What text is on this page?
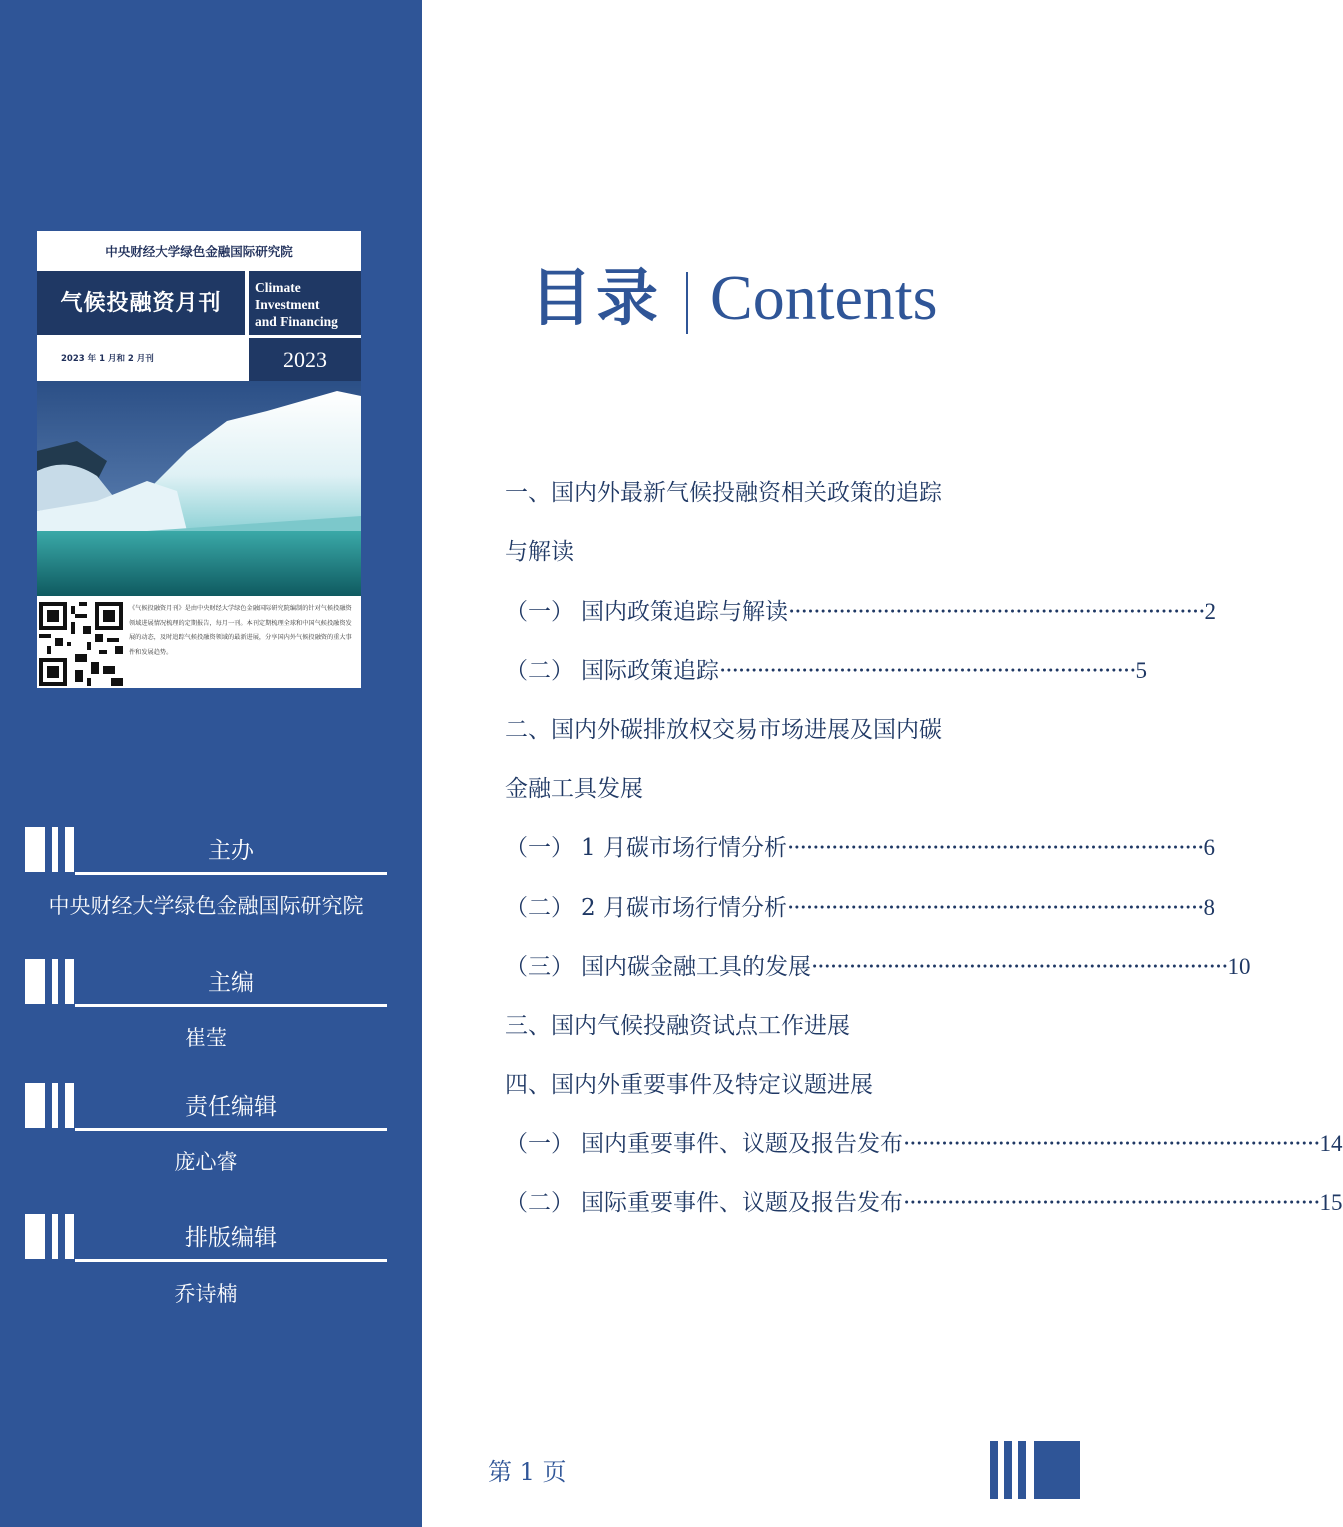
中央财经大学绿色金融国际研究院
气候投融资月刊
Climate
Investment
and Financing
2023 年 1 月和 2 月刊	2023
《气候投融资月刊》是由中央财经大学绿色金融国际研究院编制的针对气候投融资领域进展情况梳理的定期报告，每月一刊。本刊定期梳理全球和中国气候投融资发展的动态，及时追踪气候投融资领域的最新进展，分享国内外气候投融资的重大事件和发展趋势。
主办
中央财经大学绿色金融国际研究院
主编
崔莹
责任编辑
庞心睿
排版编辑
乔诗楠
目录 Contents
一、国内外最新气候投融资相关政策的追踪
与解读
（一） 国内政策追踪与解读 ·································································· 2
（二） 国际政策追踪 ·································································· 5
二、国内外碳排放权交易市场进展及国内碳
金融工具发展
（一） 1 月碳市场行情分析 ·································································· 6
（二） 2 月碳市场行情分析 ·································································· 8
（三） 国内碳金融工具的发展 ·································································· 10
三、国内气候投融资试点工作进展
四、国内外重要事件及特定议题进展
（一） 国内重要事件、议题及报告发布 ·································································· 14
（二） 国际重要事件、议题及报告发布 ·································································· 15
第 1 页
